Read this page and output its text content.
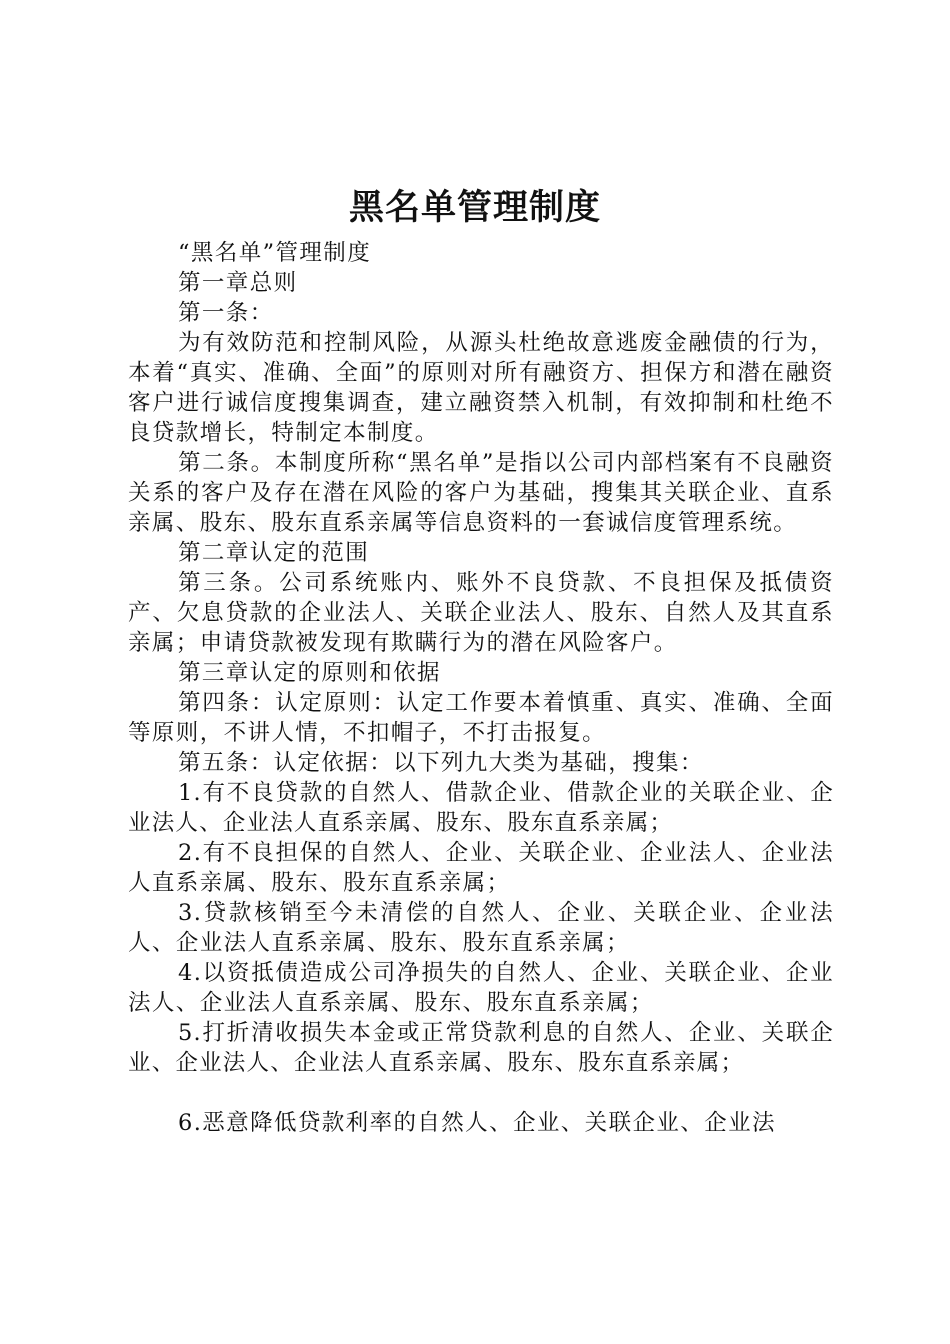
黑名单管理制度

“黑名单”管理制度

第一章总则

第一条：

为有效防范和控制风险，从源头杜绝故意逃废金融债的行为，本着“真实、准确、全面”的原则对所有融资方、担保方和潜在融资客户进行诚信度搜集调查，建立融资禁入机制，有效抑制和杜绝不良贷款增长，特制定本制度。

第二条。本制度所称“黑名单”是指以公司内部档案有不良融资关系的客户及存在潜在风险的客户为基础，搜集其关联企业、直系亲属、股东、股东直系亲属等信息资料的一套诚信度管理系统。

第二章认定的范围

第三条。公司系统账内、账外不良贷款、不良担保及抵债资产、欠息贷款的企业法人、关联企业法人、股东、自然人及其直系亲属；申请贷款被发现有欺瞒行为的潜在风险客户。

第三章认定的原则和依据

第四条：认定原则：认定工作要本着慎重、真实、准确、全面等原则，不讲人情，不扣帽子，不打击报复。

第五条：认定依据：以下列九大类为基础，搜集：

1.有不良贷款的自然人、借款企业、借款企业的关联企业、企业法人、企业法人直系亲属、股东、股东直系亲属；

2.有不良担保的自然人、企业、关联企业、企业法人、企业法人直系亲属、股东、股东直系亲属；

3.贷款核销至今未清偿的自然人、企业、关联企业、企业法人、企业法人直系亲属、股东、股东直系亲属；

4.以资抵债造成公司净损失的自然人、企业、关联企业、企业法人、企业法人直系亲属、股东、股东直系亲属；

5.打折清收损失本金或正常贷款利息的自然人、企业、关联企业、企业法人、企业法人直系亲属、股东、股东直系亲属；

6.恶意降低贷款利率的自然人、企业、关联企业、企业法
